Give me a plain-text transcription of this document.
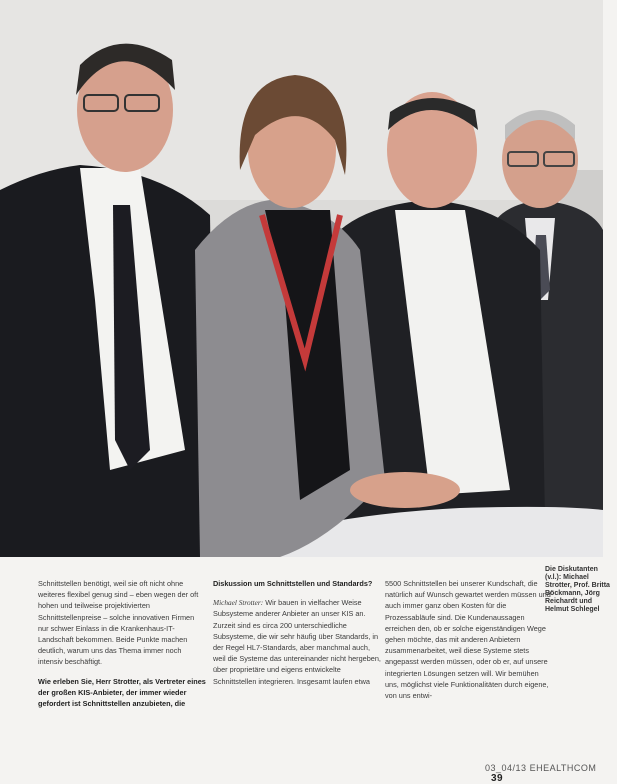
Die Diskutanten (v.l.): Michael Strotter, Prof. Britta Böckmann, Jörg Reichardt und Helmut Schlegel

Schnittstellen benötigt, weil sie oft nicht ohne weiteres flexibel genug sind – eben wegen der oft hohen und teilweise projektivierten Schnittstellenpreise – solche innovativen Firmen nur schwer Einlass in die Krankenhaus-IT-Landschaft bekommen. Beide Punkte machen deutlich, warum uns das Thema immer noch intensiv beschäftigt.

Wie erleben Sie, Herr Strotter, als Vertreter eines der großen KIS-Anbieter, der immer wieder gefordert ist Schnittstellen anzubieten, die

Diskussion um Schnittstellen und Standards?

Michael Strotter: Wir bauen in vielfacher Weise Subsysteme anderer Anbieter an unser KIS an. Zurzeit sind es circa 200 unterschiedliche Subsysteme, die wir sehr häufig über Standards, in der Regel HL7-Standards, aber manchmal auch, weil die Systeme das untereinander nicht hergeben, über proprietäre und eigens entwickelte Schnittstellen integrieren. Insgesamt laufen etwa

5500 Schnittstellen bei unserer Kundschaft, die natürlich auf Wunsch gewartet werden müssen und auch immer ganz oben Kosten für die Prozessabläufe sind. Die Kundenaussagen erreichen den, ob er solche eigenständigen Wege gehen möchte, das mit anderen Anbietern zusammenarbeitet, weil diese Systeme stets angepasst werden müssen, oder ob er, auf unsere integrierten Lösungen setzen will. Wir bemühen uns, möglichst viele Funktionalitäten durch eigene, von uns entwi-

03_04/13 EHEALTHCOM 39
